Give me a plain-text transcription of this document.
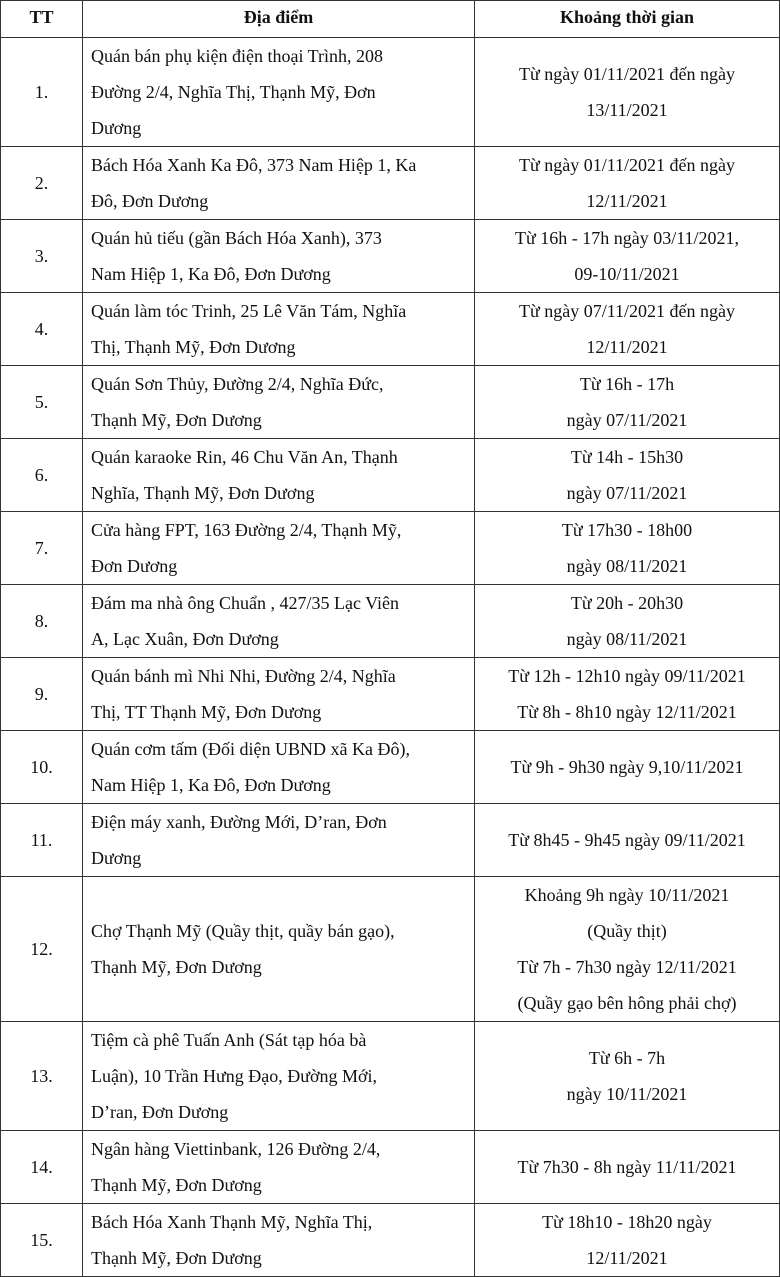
TT	Địa điểm	Khoảng thời gian
1.	Quán bán phụ kiện điện thoại Trình, 208
Đường 2/4, Nghĩa Thị, Thạnh Mỹ, Đơn
Dương	Từ ngày 01/11/2021 đến ngày
13/11/2021

2.	Bách Hóa Xanh Ka Đô, 373 Nam Hiệp 1, Ka
Đô, Đơn Dương	Từ ngày 01/11/2021 đến ngày
12/11/2021

3.	Quán hủ tiếu (gần Bách Hóa Xanh), 373
Nam Hiệp 1, Ka Đô, Đơn Dương	Từ 16h - 17h ngày 03/11/2021,
09-10/11/2021

4.	Quán làm tóc Trinh, 25 Lê Văn Tám, Nghĩa
Thị, Thạnh Mỹ, Đơn Dương	Từ ngày 07/11/2021 đến ngày
12/11/2021

5.	Quán Sơn Thủy, Đường 2/4, Nghĩa Đức,
Thạnh Mỹ, Đơn Dương	Từ 16h - 17h
ngày 07/11/2021

6.	Quán karaoke Rin, 46 Chu Văn An, Thạnh
Nghĩa, Thạnh Mỹ, Đơn Dương	Từ 14h - 15h30
ngày 07/11/2021

7.	Cửa hàng FPT, 163 Đường 2/4, Thạnh Mỹ,
Đơn Dương	Từ 17h30 - 18h00
ngày 08/11/2021

8.	Đám ma nhà ông Chuẩn , 427/35 Lạc Viên
A, Lạc Xuân, Đơn Dương	Từ 20h - 20h30
ngày 08/11/2021

9.	Quán bánh mì Nhi Nhi, Đường 2/4, Nghĩa
Thị, TT Thạnh Mỹ, Đơn Dương	Từ 12h - 12h10 ngày 09/11/2021
Từ 8h - 8h10 ngày 12/11/2021

10.	Quán cơm tấm (Đối diện UBND xã Ka Đô),
Nam Hiệp 1, Ka Đô, Đơn Dương	Từ 9h - 9h30 ngày 9,10/11/2021

11.	Điện máy xanh, Đường Mới, D’ran, Đơn
Dương	Từ 8h45 - 9h45 ngày 09/11/2021

12.	Chợ Thạnh Mỹ (Quầy thịt, quầy bán gạo),
Thạnh Mỹ, Đơn Dương	Khoảng 9h ngày 10/11/2021
(Quầy thịt)
Từ 7h - 7h30 ngày 12/11/2021
(Quầy gạo bên hông phải chợ)

13.	Tiệm cà phê Tuấn Anh (Sát tạp hóa bà
Luận), 10 Trần Hưng Đạo, Đường Mới,
D’ran, Đơn Dương	Từ 6h - 7h
ngày 10/11/2021

14.	Ngân hàng Viettinbank, 126 Đường 2/4,
Thạnh Mỹ, Đơn Dương	Từ 7h30 - 8h ngày 11/11/2021

15.	Bách Hóa Xanh Thạnh Mỹ, Nghĩa Thị,
Thạnh Mỹ, Đơn Dương	Từ 18h10 - 18h20 ngày
12/11/2021
